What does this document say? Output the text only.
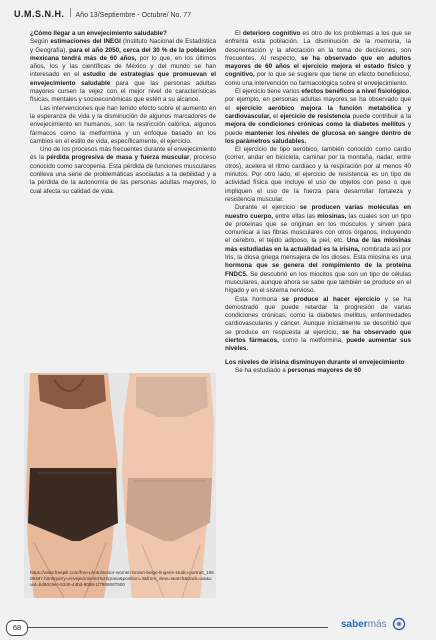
U.M.S.N.H. Año 13/Septiembre - Octubre/ No. 77

¿Cómo llegar a un envejecimiento saludable?
Según estimaciones del INEGI (Instituto Nacional de Estadística y Geografía), para el año 2050, cerca del 30 % de la población mexicana tendrá más de 60 años, por lo que, en los últimos años, los y las científicas de México y del mundo se han interesado en el estudio de estrategias que promuevan el envejecimiento saludable para que las personas adultas mayores cursen la vejez con el mejor nivel de características físicas, mentales y socioeconómicas que estén a su alcance.

Las intervenciones que han tenido efecto sobre el aumento en la esperanza de vida y la disminución de algunos marcadores de envejecimiento en humanos, son: la restricción calórica, algunos fármacos como la metformina y un enfoque basado en los cambios en el estilo de vida, específicamente, el ejercicio.

Uno de los procesos más frecuentes durante el envejecimiento es la pérdida progresiva de masa y fuerza muscular, proceso conocido como sarcopenia. Esta pérdida de funciones musculares conlleva una serie de problemáticas asociadas a la debilidad y a la pérdida de la autonomía de las personas adultas mayores, lo cual afecta su calidad de vida.

https://www.freepik.com/free-photo/senior-women-brown-beige-lingerie-studio-portrait_15609487.htm#query=envejecimiento%20grasa&position=3&from_view=search&track=ais&uuid=bd90c9ec-5340-44bd-9068-1f7909087500

El deterioro cognitivo es otro de los problemas a los que se enfrenta esta población. La disminución de la memoria, la desorientación y la afectación en la toma de decisiones, son frecuentes. Al respecto, se ha observado que en adultos mayores de 60 años el ejercicio mejora el estado físico y cognitivo, por lo que se sugiere que tiene un efecto beneficioso, como una intervención no farmacológica sobre el envejecimiento.

El ejercicio tiene varios efectos benéficos a nivel fisiológico, por ejemplo, en personas adultas mayores se ha observado que el ejercicio aeróbico mejora la función metabólica y cardiovascular, el ejercicio de resistencia puede contribuir a la mejora de condiciones crónicas como la diabetes mellitus y puede mantener los niveles de glucosa en sangre dentro de los parámetros saludables.

El ejercicio de tipo aeróbico, también conocido como cardio (correr, andar en bicicleta, caminar por la montaña, nadar, entre otros), acelera el ritmo cardiaco y la respiración por al menos 40 minutos. Por otro lado, el ejercicio de resistencia es un tipo de actividad física que incluye el uso de objetos con peso o que impliquen el uso de la fuerza para desarrollar fortaleza y resistencia muscular.

Durante el ejercicio se producen varias moléculas en nuestro cuerpo, entre ellas las miosinas, las cuales son un tipo de proteínas que se originan en los músculos y sirven para comunicar a las fibras musculares con otros órganos, incluyendo el cerebro, el tejido adiposo, la piel, etc. Una de las miosinas más estudiadas en la actualidad es la irisina, nombrada así por Iris, la diosa griega mensajera de los dioses. Esta miosina es una hormona que se genera del rompimiento de la proteína FNDC5. Se descubrió en los miocitos que son un tipo de células musculares, aunque ahora se sabe que también se produce en el hígado y en el sistema nervioso.

Esta hormona se produce al hacer ejercicio y se ha demostrado que puede retardar la progresión de varias condiciones crónicas, como la diabetes mellitus, enfermedades cardiovasculares y cáncer. Aunque inicialmente se describió que se produce en respuesta al ejercicio, se ha observado que ciertos fármacos, como la metformina, puede aumentar sus niveles.

Los niveles de irisina disminuyen durante el envejecimiento

Se ha estudiado a personas mayores de 60

68	sabermás
